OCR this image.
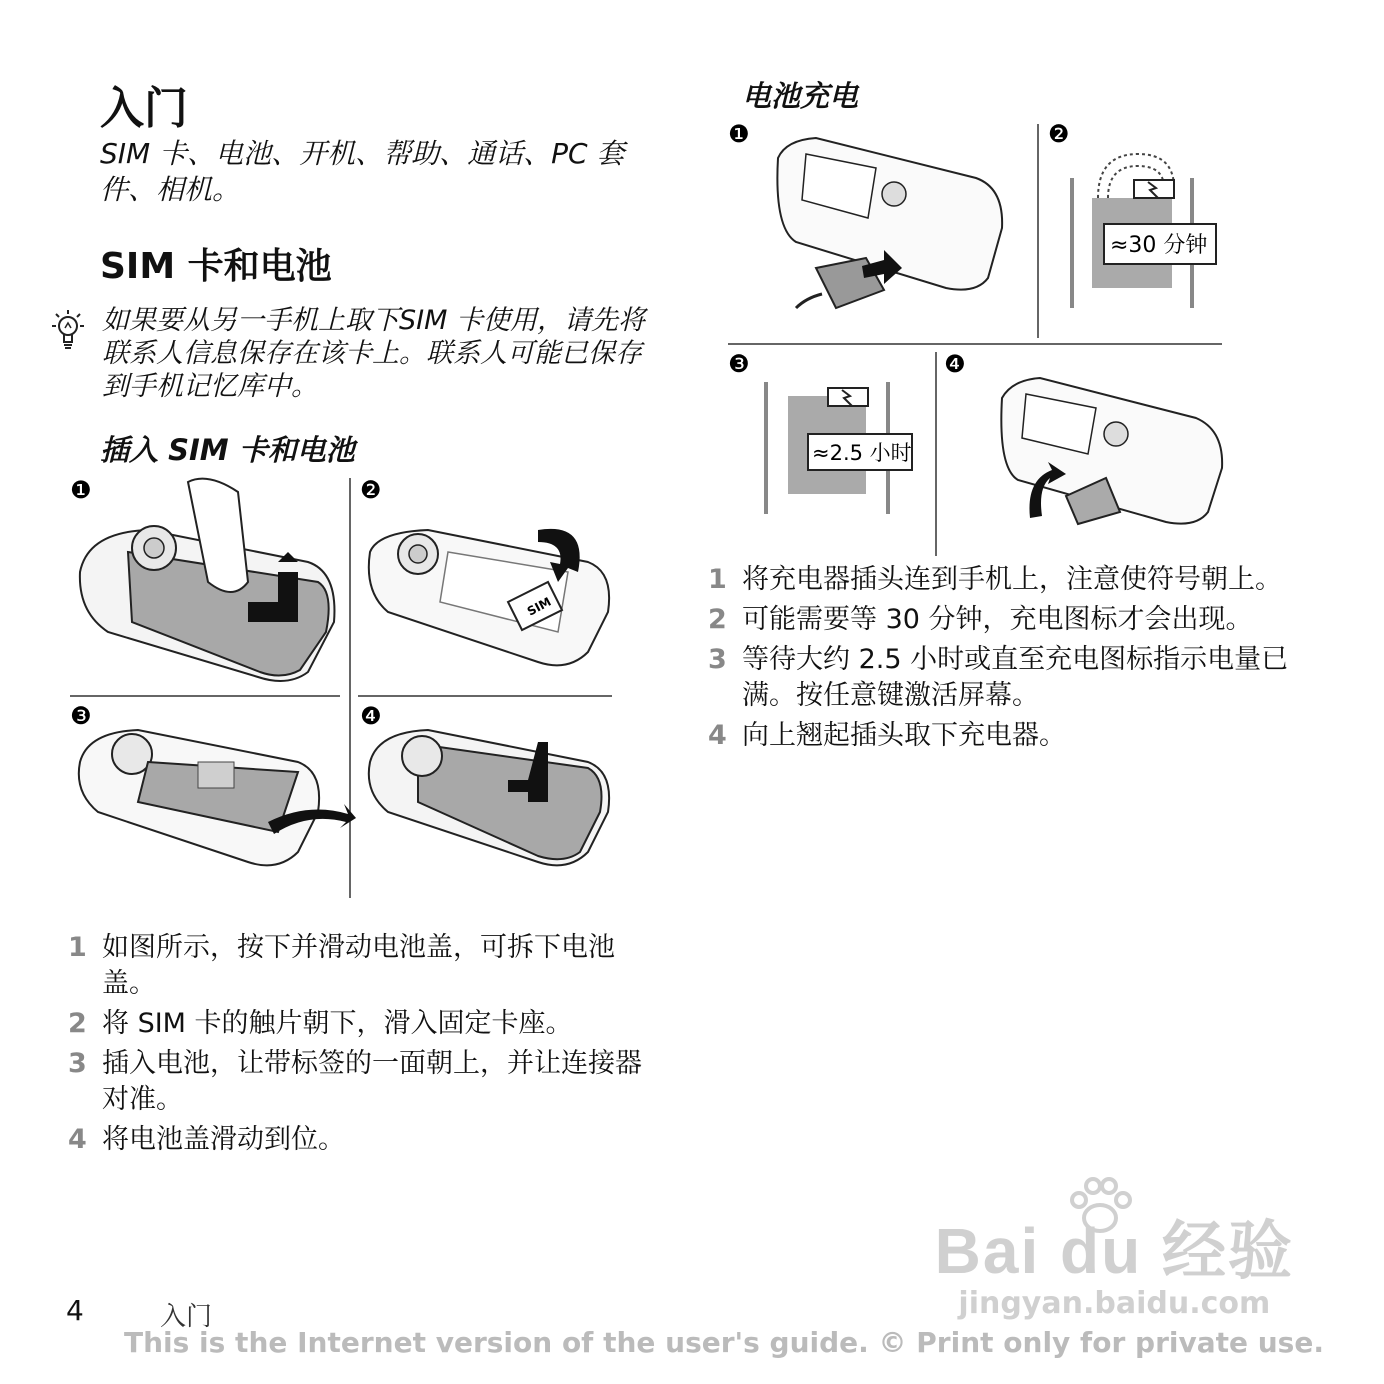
入门
SIM 卡、电池、开机、帮助、通话、PC 套件、相机。
SIM 卡和电池
如果要从另一手机上取下SIM 卡使用，请先将联系人信息保存在该卡上。联系人可能已保存到手机记忆库中。
插入 SIM 卡和电池
❶	❷
❸	❹
SIM
电池充电
❶	❷
❸	❹
≈30 分钟
≈2.5 小时
1 如图所示，按下并滑动电池盖，可拆下电池盖。
2 将 SIM 卡的触片朝下，滑入固定卡座。
3 插入电池，让带标签的一面朝上，并让连接器对准。
4 将电池盖滑动到位。
1 将充电器插头连到手机上，注意使符号朝上。
2 可能需要等 30 分钟，充电图标才会出现。
3 等待大约 2.5 小时或直至充电图标指示电量已满。按任意键激活屏幕。
4 向上翘起插头取下充电器。
Bai du 经验
jingyan.baidu.com
4	入门
This is the Internet version of the user's guide. © Print only for private use.
